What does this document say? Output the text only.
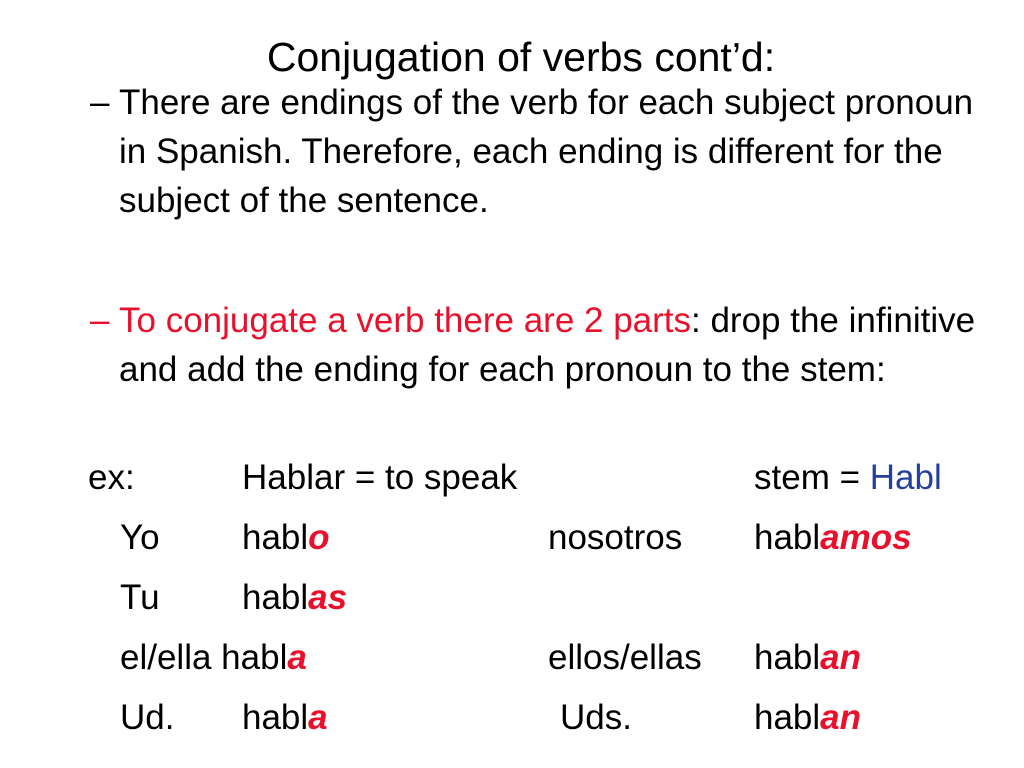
Conjugation of verbs cont’d:
– There are endings of the verb for each subject pronoun in Spanish. Therefore, each ending is different for the subject of the sentence.
– To conjugate a verb there are 2 parts: drop the infinitive and add the ending for each pronoun to the stem:
ex:	Hablar = to speak	stem = Habl
Yo hablo	nosotros hablamos
Tu hablas
el/ella habla	ellos/ellas hablan
Ud. habla	Uds.	hablan
